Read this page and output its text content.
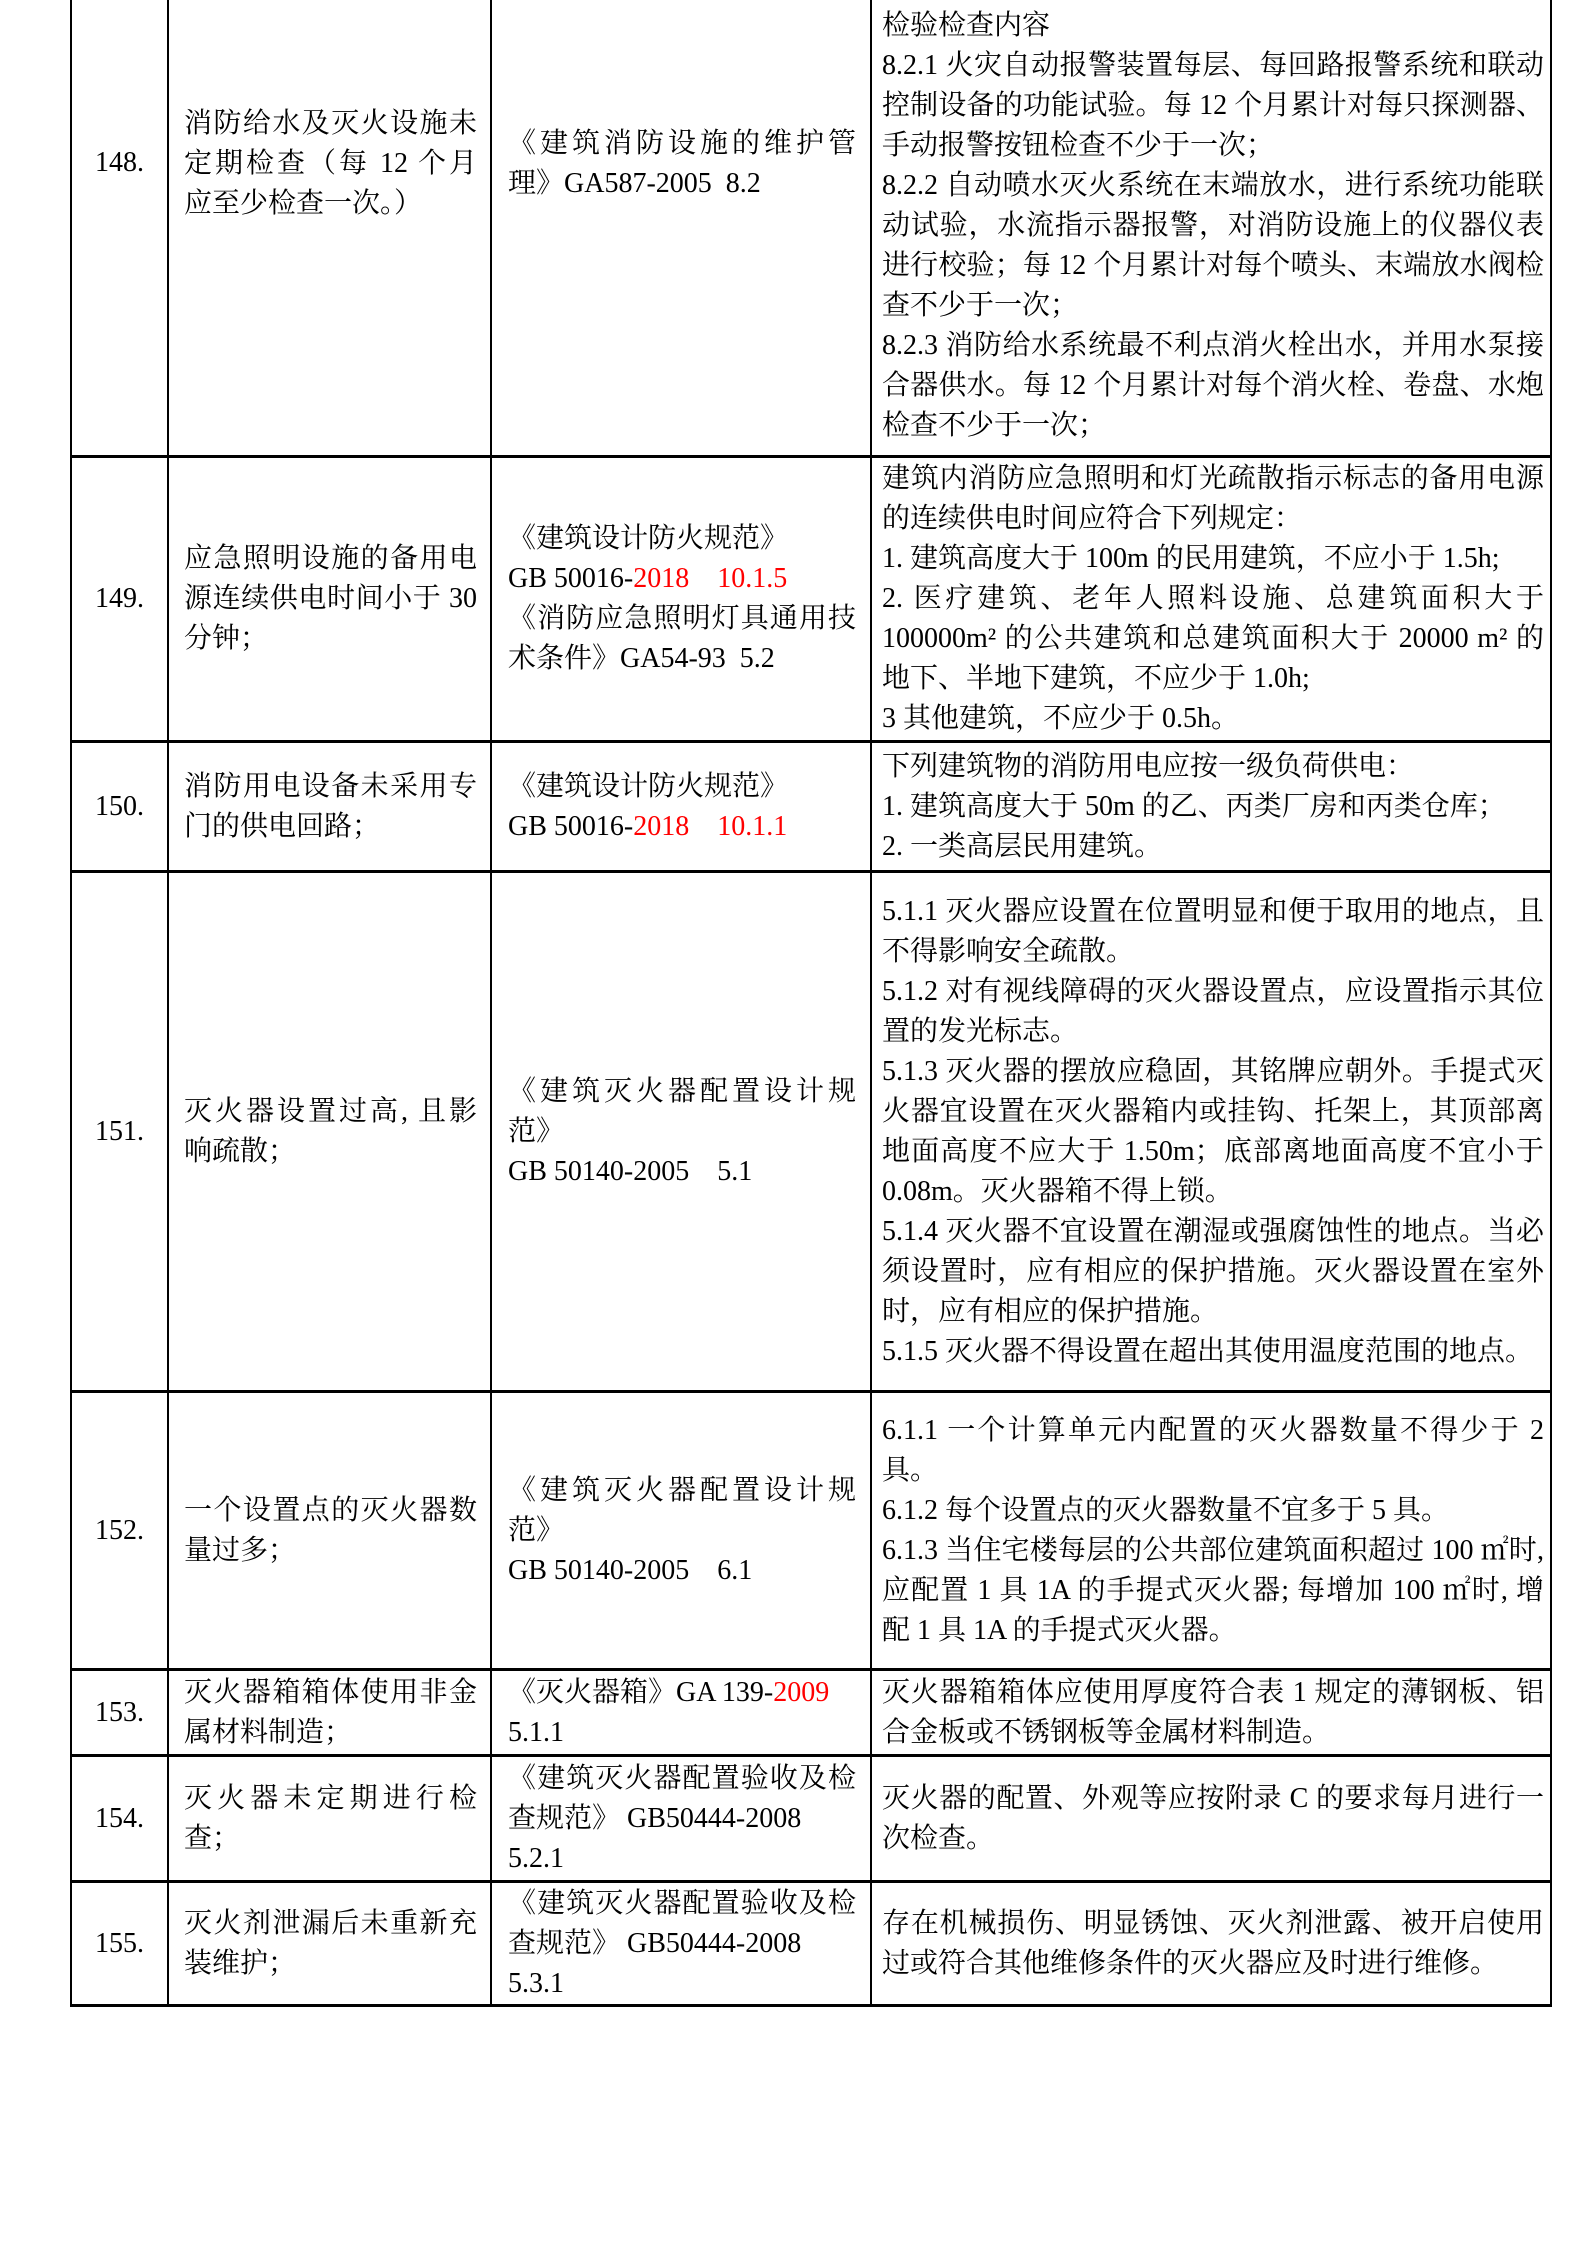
148.
消防给水及灭火设施未定期检查（每 12 个月应至少检查一次。）
《建筑消防设施的维护管理》GA587-2005  8.2
检验检查内容
8.2.1 火灾自动报警装置每层、每回路报警系统和联动控制设备的功能试验。每 12 个月累计对每只探测器、手动报警按钮检查不少于一次；
8.2.2 自动喷水灭火系统在末端放水，进行系统功能联动试验，水流指示器报警，对消防设施上的仪器仪表进行校验；每 12 个月累计对每个喷头、末端放水阀检查不少于一次；
8.2.3 消防给水系统最不利点消火栓出水，并用水泵接合器供水。每 12 个月累计对每个消火栓、卷盘、水炮检查不少于一次；
149.
应急照明设施的备用电源连续供电时间小于 30 分钟；
《建筑设计防火规范》
GB 50016-2018 10.1.5
《消防应急照明灯具通用技术条件》GA54-93  5.2
建筑内消防应急照明和灯光疏散指示标志的备用电源的连续供电时间应符合下列规定：
1. 建筑高度大于 100m 的民用建筑，不应小于 1.5h;
2. 医疗建筑、老年人照料设施、总建筑面积大于 100000m² 的公共建筑和总建筑面积大于 20000 m² 的地下、半地下建筑，不应少于 1.0h;
3 其他建筑，不应少于 0.5h。
150.
消防用电设备未采用专门的供电回路；
《建筑设计防火规范》
GB 50016-2018 10.1.1
下列建筑物的消防用电应按一级负荷供电：
1. 建筑高度大于 50m 的乙、丙类厂房和丙类仓库；
2. 一类高层民用建筑。
151.
灭火器设置过高, 且影响疏散；
《建筑灭火器配置设计规范》
GB 50140-2005    5.1
5.1.1 灭火器应设置在位置明显和便于取用的地点，且不得影响安全疏散。
5.1.2 对有视线障碍的灭火器设置点，应设置指示其位置的发光标志。
5.1.3 灭火器的摆放应稳固，其铭牌应朝外。手提式灭火器宜设置在灭火器箱内或挂钩、托架上，其顶部离地面高度不应大于 1.50m；底部离地面高度不宜小于 0.08m。灭火器箱不得上锁。
5.1.4 灭火器不宜设置在潮湿或强腐蚀性的地点。当必须设置时，应有相应的保护措施。灭火器设置在室外时，应有相应的保护措施。
5.1.5 灭火器不得设置在超出其使用温度范围的地点。
152.
一个设置点的灭火器数量过多；
《建筑灭火器配置设计规范》
GB 50140-2005    6.1
6.1.1 一个计算单元内配置的灭火器数量不得少于 2 具。
6.1.2 每个设置点的灭火器数量不宜多于 5 具。
6.1.3 当住宅楼每层的公共部位建筑面积超过 100 ㎡时, 应配置 1 具 1A 的手提式灭火器; 每增加 100 ㎡时, 增配 1 具 1A 的手提式灭火器。
153.
灭火器箱箱体使用非金属材料制造；
《灭火器箱》GA 139-2009
5.1.1
灭火器箱箱体应使用厚度符合表 1 规定的薄钢板、铝合金板或不锈钢板等金属材料制造。
154.
灭火器未定期进行检查；
《建筑灭火器配置验收及检查规范》 GB50444-2008
5.2.1
灭火器的配置、外观等应按附录 C 的要求每月进行一次检查。
155.
灭火剂泄漏后未重新充装维护；
《建筑灭火器配置验收及检查规范》 GB50444-2008
5.3.1
存在机械损伤、明显锈蚀、灭火剂泄露、被开启使用过或符合其他维修条件的灭火器应及时进行维修。
